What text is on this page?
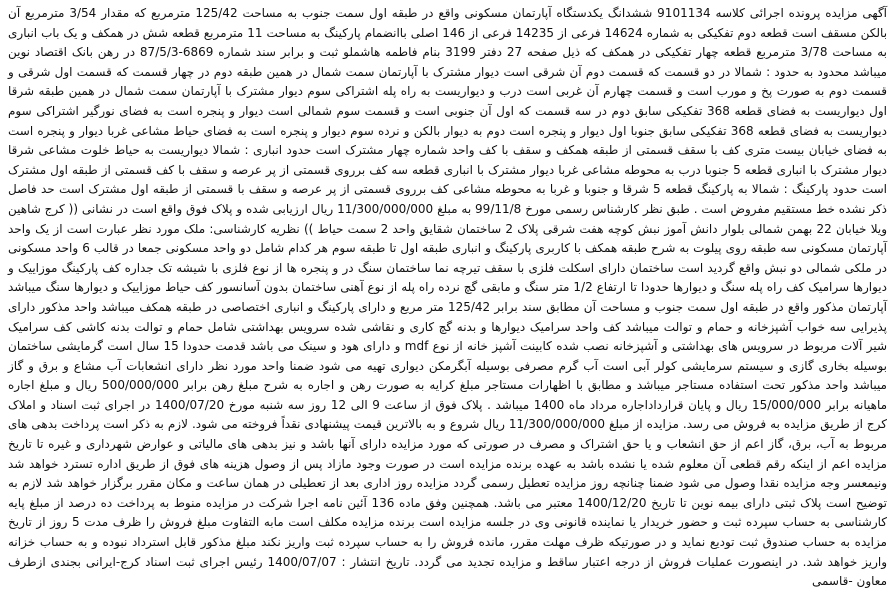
آگهی مزایده پرونده اجرائی کلاسه 9101134 ششدانگ یکدستگاه آپارتمان مسکونی واقع در طبقه اول سمت جنوب به مساحت 125/42 مترمربع که مقدار 3/54 مترمربع آن بالکن مسقف است قطعه دوم تفکیکی به شماره 14624 فرعی از 14235 فرعی از 146 اصلی باانضمام پارکینگ به مساحت 11 مترمربع قطعه شش در همکف و یک باب انباری به مساحت 3/78 مترمربع قطعه چهار تفکیکی در همکف که ذیل صفحه 27 دفتر 3199 بنام فاطمه هاشملو ثبت و برابر سند شماره 6869-87/5/3 در رهن بانک اقتصاد نوین میباشد محدود به حدود : شمالا در دو قسمت که قسمت دوم آن شرقی است دیوار مشترک با آپارتمان سمت شمال در همین طبقه دوم در چهار قسمت که قسمت اول شرقی و قسمت دوم به صورت پخ و مورب است و قسمت چهارم آن غربی است درب و دیواریست به راه پله اشتراکی سوم دیوار مشترک با آپارتمان سمت شمال در همین طبقه شرقا اول دیواریست به فضای قطعه 368 تفکیکی سابق دوم در سه قسمت که اول آن جنوبی است و قسمت سوم شمالی است دیوار و پنجره است به فضای نورگیر اشتراکی سوم دیواریست به فضای قطعه 368 تفکیکی سابق جنوبا اول دیوار و پنجره است دوم به دیوار بالکن و نرده سوم دیوار و پنجره است به فضای حیاط مشاعی غربا دیوار و پنجره است به فضای خیابان بیست متری کف با سقف قسمتی از طبقه همکف و سقف با کف واحد شماره چهار مشترک است حدود انباری : شمالا دیواریست به حیاط خلوت مشاعی شرقا دیوار مشترک با انباری قطعه 5 جنوبا درب به محوطه مشاعی غربا دیوار مشترک با انباری قطعه سه کف برروی قسمتی از پر عرصه و سقف با کف قسمتی از طبقه اول مشترک است حدود پارکینگ : شمالا به پارکینگ قطعه 5 شرقا و جنوبا و غربا به محوطه مشاعی کف برروی قسمتی از پر عرصه و سقف با قسمتی از طبقه اول مشترک است حد فاصل ذکر نشده خط مستقیم مفروض است . طبق نظر کارشناس رسمی مورخ 99/11/8 به مبلغ 11/300/000/000 ریال ارزیابی شده و پلاک فوق واقع است در نشانی (( کرج شاهین ویلا خیابان 22 بهمن شمالی بلوار دانش آموز نبش کوچه هفت شرقی پلاک 2 ساختمان شقایق واحد 2 سمت حیاط )) نظریه کارشناسی: ملک مورد نظر عبارت است از یک واحد آپارتمان مسکونی سه طبقه روی پیلوت به شرح طبقه همکف با کاربری پارکینگ و انباری طبقه اول تا طبقه سوم هر کدام شامل دو واحد مسکونی جمعا در قالب 6 واحد مسکونی در ملکی شمالی دو نبش واقع گردید است ساختمان دارای اسکلت فلزی با سقف تیرچه نما ساختمان سنگ در و پنجره ها از نوع فلزی با شیشه تک جداره کف پارکینگ موزاییک و دیوارها سرامیک کف راه پله سنگ و دیوارها حدودا تا ارتفاع 1/2 متر سنگ و مابقی گچ نرده راه پله از نوع آهنی ساختمان بدون آسانسور کف حیاط موزاییک و دیوارها سنگ میباشد آپارتمان مذکور واقع در طبقه اول سمت جنوب و مساحت آن مطابق سند برابر 125/42 متر مربع و دارای پارکینگ و انباری اختصاصی در طبقه همکف میباشد واحد مذکور دارای پذیرایی سه خواب آشپزخانه و حمام و توالت میباشد کف واحد سرامیک دیوارها و بدنه گچ کاری و نقاشی شده سرویس بهداشتی شامل حمام و توالت بدنه کاشی کف سرامیک شیر آلات مربوط در سرویس های بهداشتی و آشپزخانه نصب شده کابینت آشپز خانه از نوع mdf و دارای هود و سینک می باشد قدمت حدودا 15 سال است گرمایشی ساختمان بوسیله بخاری گازی و سیستم سرمایشی کولر آبی است آب گرم مصرفی بوسیله آبگرمکن دیواری تهیه می شود ضمنا واحد مورد نظر دارای انشعابات آب مشاع و برق و گاز میباشد واحد مذکور تحت استفاده مستاجر میباشد و مطابق با اظهارات مستاجر مبلغ کرایه به صورت رهن و اجاره به شرح مبلغ رهن برابر 500/000/000 ریال و مبلغ اجاره ماهیانه برابر 15/000/000 ریال و پایان قرارداداجاره مرداد ماه 1400 میباشد . پلاک فوق از ساعت 9 الی 12 روز سه شنبه مورخ 1400/07/20 در اجرای ثبت اسناد و املاک کرج از طریق مزایده به فروش می رسد. مزایده از مبلغ 11/300/000/000 ریال شروع و به بالاترین قیمت پیشنهادی نقداً فروخته می شود. لازم به ذکر است پرداخت بدهی های مربوط به آب، برق، گاز اعم از حق انشعاب و یا حق اشتراک و مصرف در صورتی که مورد مزایده دارای آنها باشد و نیز بدهی های مالیاتی و عوارض شهرداری و غیره تا تاریخ مزایده اعم از اینکه رقم قطعی آن معلوم شده یا نشده باشد به عهده برنده مزایده است در صورت وجود مازاد پس از وصول هزینه های فوق از طریق اداره تسترد خواهد شد ونیمعسر وجه مزایده نقدا وصول می شود ضمنا چنانچه روز مزایده تعطیل رسمی گردد مزایده روز اداری بعد از تعطیلی در همان ساعت و مکان مقرر برگزار خواهد شد لازم به توضیح است پلاک ثبتی دارای بیمه نوین تا تاریخ 1400/12/20 معتبر می باشد. همچنین وفق ماده 136 آئین نامه اجرا شرکت در مزایده منوط به پرداخت ده درصد از مبلغ پایه کارشناسی به حساب سپرده ثبت و حضور خریدار یا نماینده قانونی وی در جلسه مزایده است برنده مزایده مکلف است مابه التفاوت مبلغ فروش را ظرف مدت 5 روز از تاریخ مزایده به حساب صندوق ثبت تودیع نماید و در صورتیکه ظرف مهلت مقرر، مانده فروش را به حساب سپرده ثبت واریز نکند مبلغ مذکور قابل استرداد نبوده و به حساب خزانه واریز خواهد شد. در اینصورت عملیات فروش از درجه اعتبار ساقط و مزایده تجدید می گردد. تاریخ انتشار : 1400/07/07 رئیس اجرای ثبت اسناد کرج-ایرانی بجندی ازطرف معاون -قاسمی
